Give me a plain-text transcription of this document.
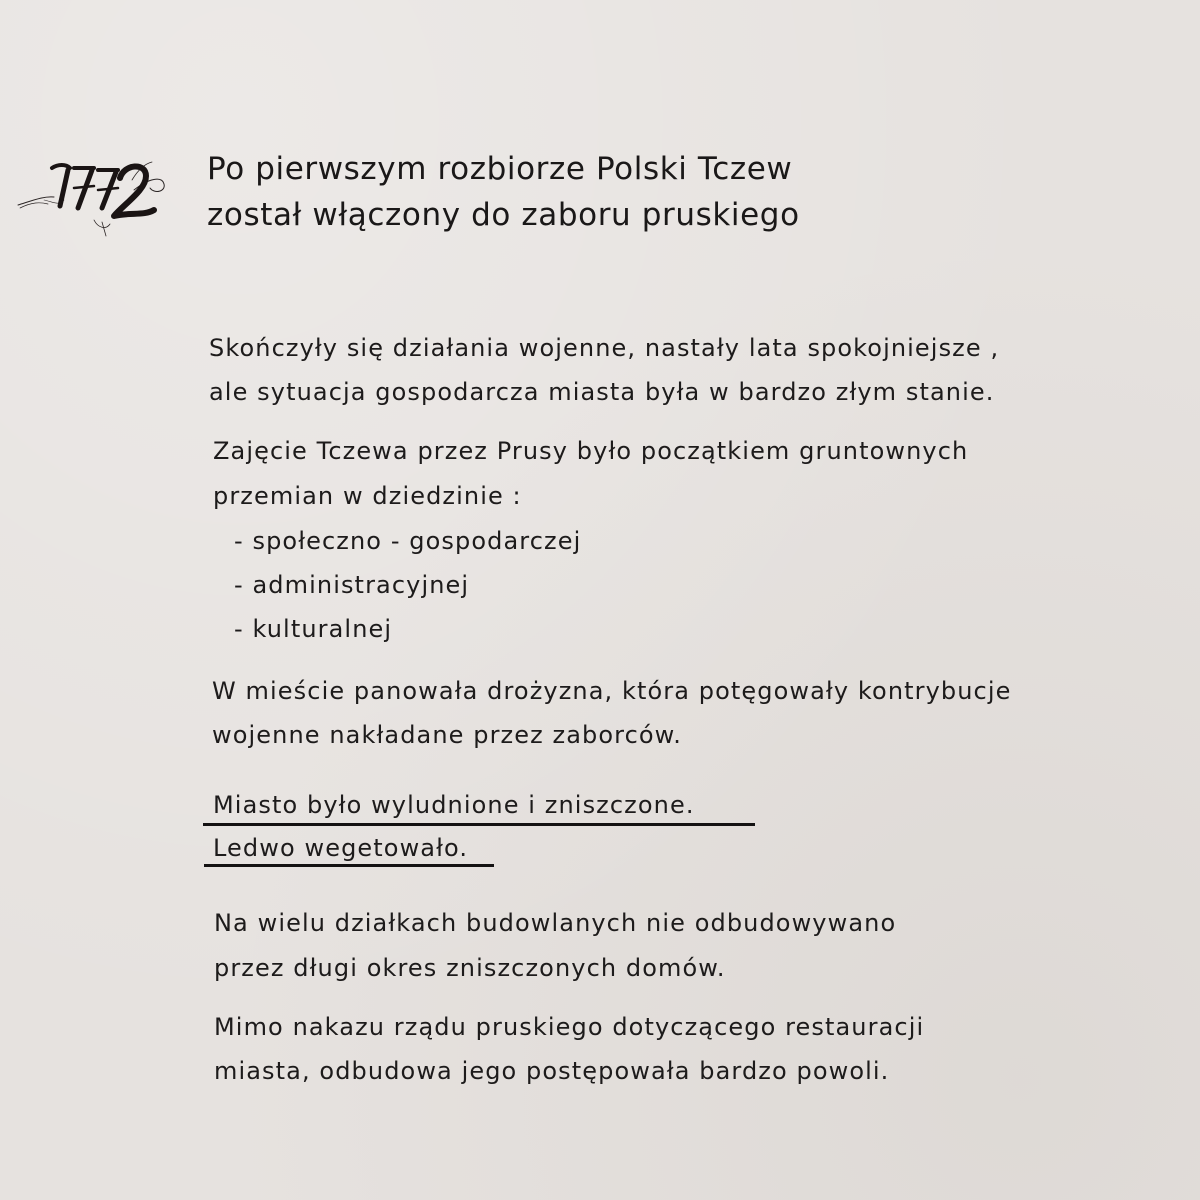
Po pierwszym rozbiorze Polski Tczew
został włączony do zaboru pruskiego
Skończyły się działania wojenne, nastały lata spokojniejsze ,
ale sytuacja gospodarcza miasta była w bardzo złym stanie.
Zajęcie Tczewa przez Prusy było początkiem gruntownych
przemian w dziedzinie :
- społeczno - gospodarczej
- administracyjnej
- kulturalnej
W mieście panowała drożyzna, która potęgowały kontrybucje
wojenne nakładane przez zaborców.
Miasto było wyludnione i zniszczone.
Ledwo wegetowało.
Na wielu działkach budowlanych nie odbudowywano
przez długi okres zniszczonych domów.
Mimo nakazu rządu pruskiego dotyczącego restauracji
miasta, odbudowa jego postępowała bardzo powoli.
